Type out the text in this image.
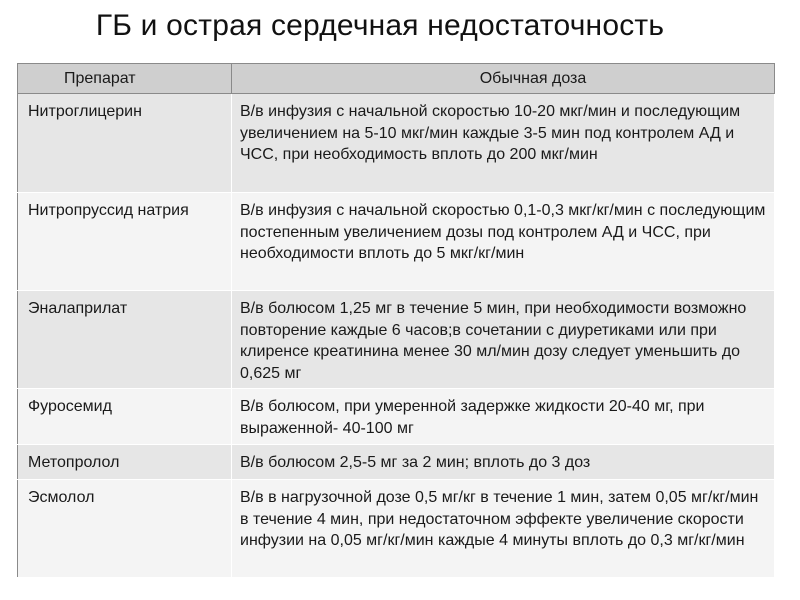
ГБ и острая сердечная недостаточность
Препарат	Обычная доза
Нитроглицерин	В/в инфузия с начальной скоростью 10-20 мкг/мин и последующим увеличением на 5-10 мкг/мин каждые 3-5 мин под контролем АД и ЧСС, при необходимость вплоть до 200 мкг/мин
Нитропруссид натрия	В/в инфузия с начальной скоростью 0,1-0,3 мкг/кг/мин с последующим постепенным увеличением дозы под контролем АД и ЧСС, при необходимости вплоть до 5 мкг/кг/мин
Эналаприлат	В/в болюсом 1,25 мг в течение 5 мин, при необходимости возможно повторение каждые 6 часов;в сочетании с диуретиками или при клиренсе креатинина менее 30 мл/мин дозу следует уменьшить до 0,625 мг
Фуросемид	В/в болюсом, при умеренной задержке жидкости 20-40 мг, при выраженной- 40-100 мг
Метопролол	В/в болюсом 2,5-5 мг за 2 мин; вплоть до 3 доз
Эсмолол	В/в в нагрузочной дозе 0,5 мг/кг в течение 1 мин, затем 0,05 мг/кг/мин в течение 4 мин, при недостаточном эффекте увеличение скорости инфузии на 0,05 мг/кг/мин каждые 4 минуты вплоть до 0,3 мг/кг/мин
